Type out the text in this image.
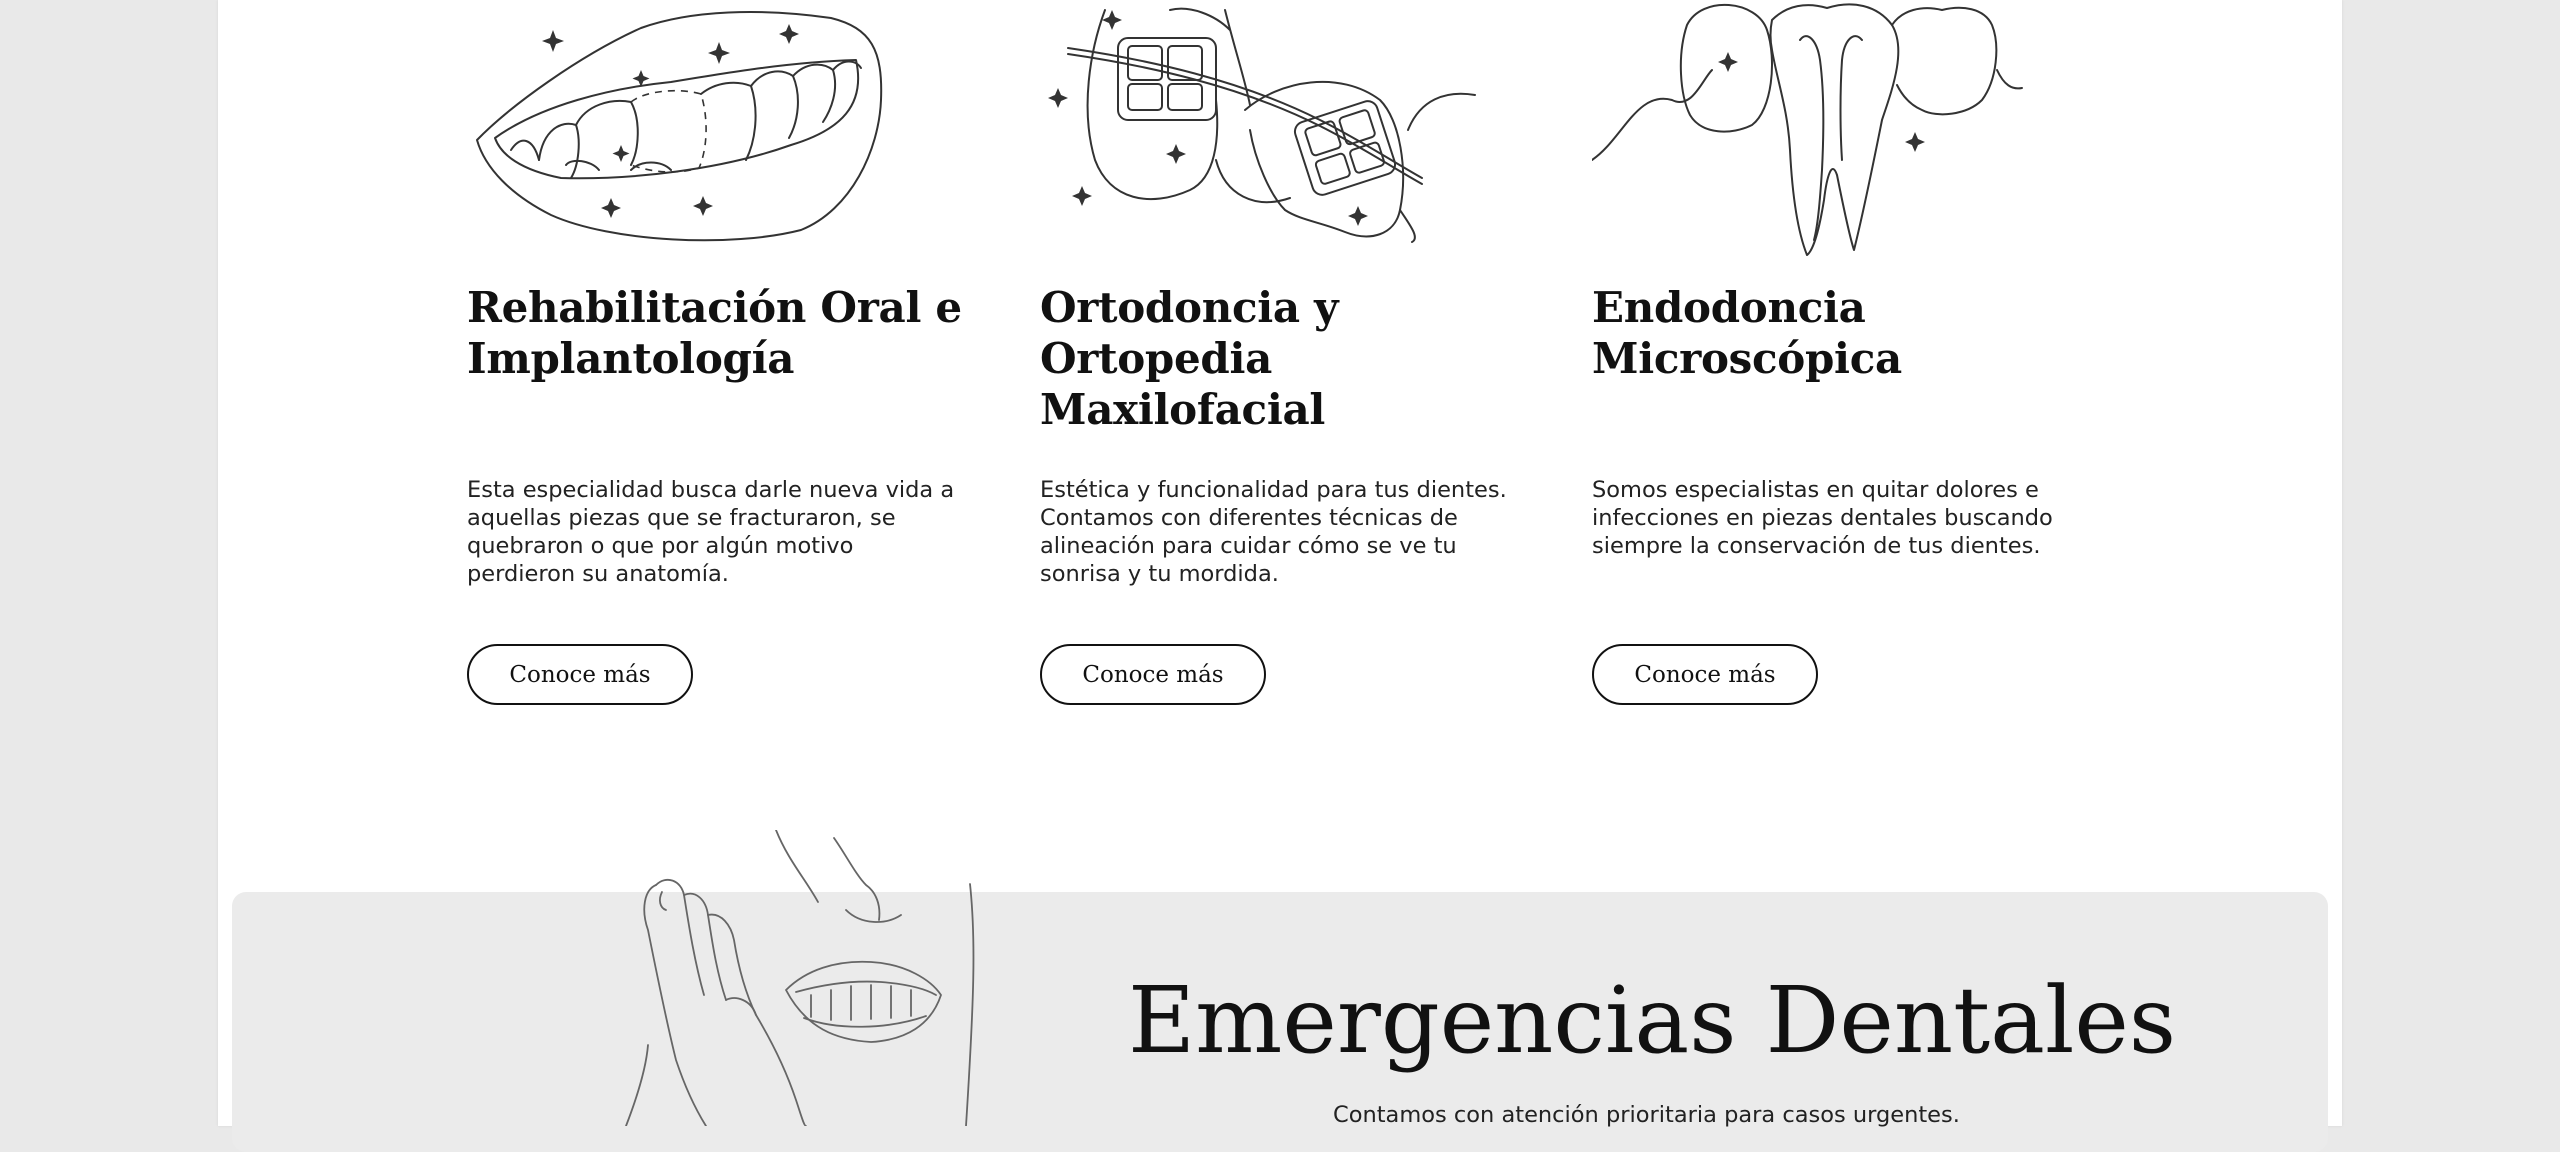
Rehabilitación Oral e
Implantología

Esta especialidad busca darle nueva vida a aquellas piezas que se fracturaron, se quebraron o que por algún motivo perdieron su anatomía.

Conoce más
Ortodoncia y Ortopedia
Maxilofacial

Estética y funcionalidad para tus dientes. Contamos con diferentes técnicas de alineación para cuidar cómo se ve tu sonrisa y tu mordida.

Conoce más
Endodoncia
Microscópica

Somos especialistas en quitar dolores e infecciones en piezas dentales buscando siempre la conservación de tus dientes.

Conoce más
Emergencias Dentales

Contamos con atención prioritaria para casos urgentes.
